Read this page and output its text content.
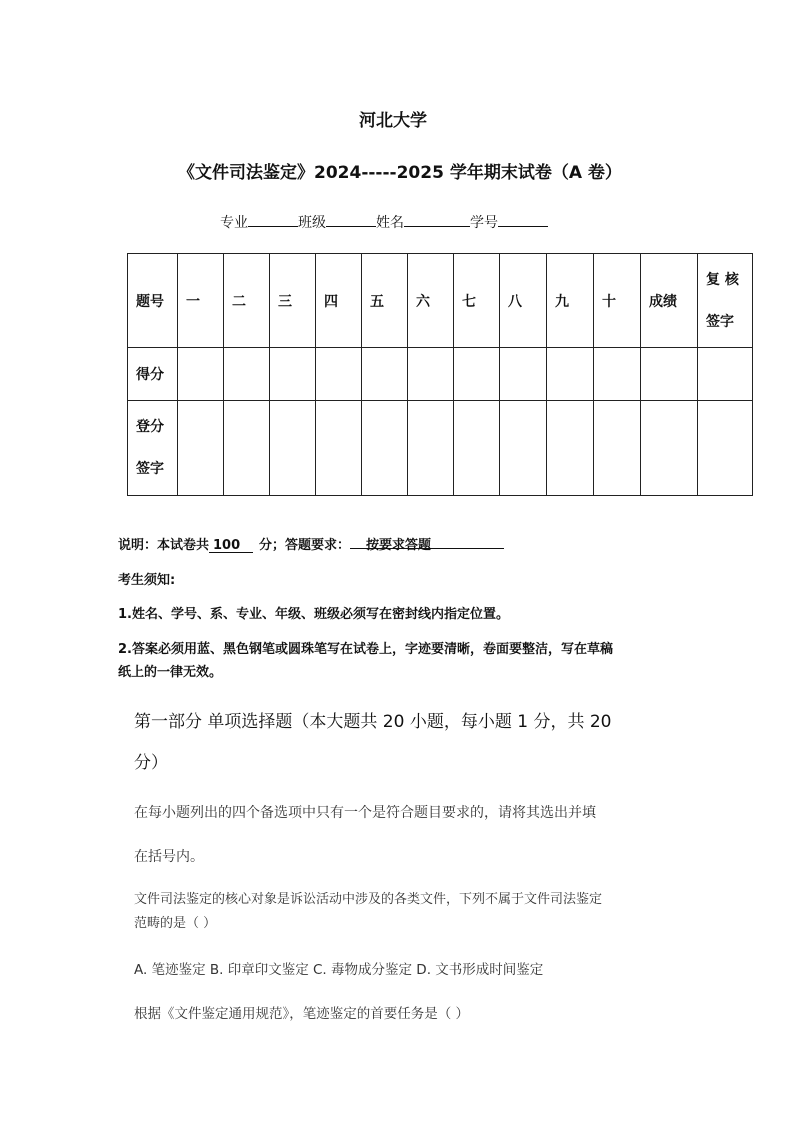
河北大学
《文件司法鉴定》2024-----2025 学年期末试卷（A 卷）
专业	班级	姓名	学号
题号	一	二	三	四	五	六	七	八	九	十	成绩	复 核 签字
得分												
登分 签字												
说明：本试卷共 100 分；答题要求： 按要求答题
考生须知:
1.姓名、学号、系、专业、年级、班级必须写在密封线内指定位置。
2.答案必须用蓝、黑色钢笔或圆珠笔写在试卷上，字迹要清晰，卷面要整洁，写在草稿
纸上的一律无效。
第一部分 单项选择题（本大题共 20 小题，每小题 1 分，共 20
分）
在每小题列出的四个备选项中只有一个是符合题目要求的，请将其选出并填
在括号内。
文件司法鉴定的核心对象是诉讼活动中涉及的各类文件，下列不属于文件司法鉴定
范畴的是（ ）
A. 笔迹鉴定 B. 印章印文鉴定 C. 毒物成分鉴定 D. 文书形成时间鉴定
根据《文件鉴定通用规范》，笔迹鉴定的首要任务是（ ）
